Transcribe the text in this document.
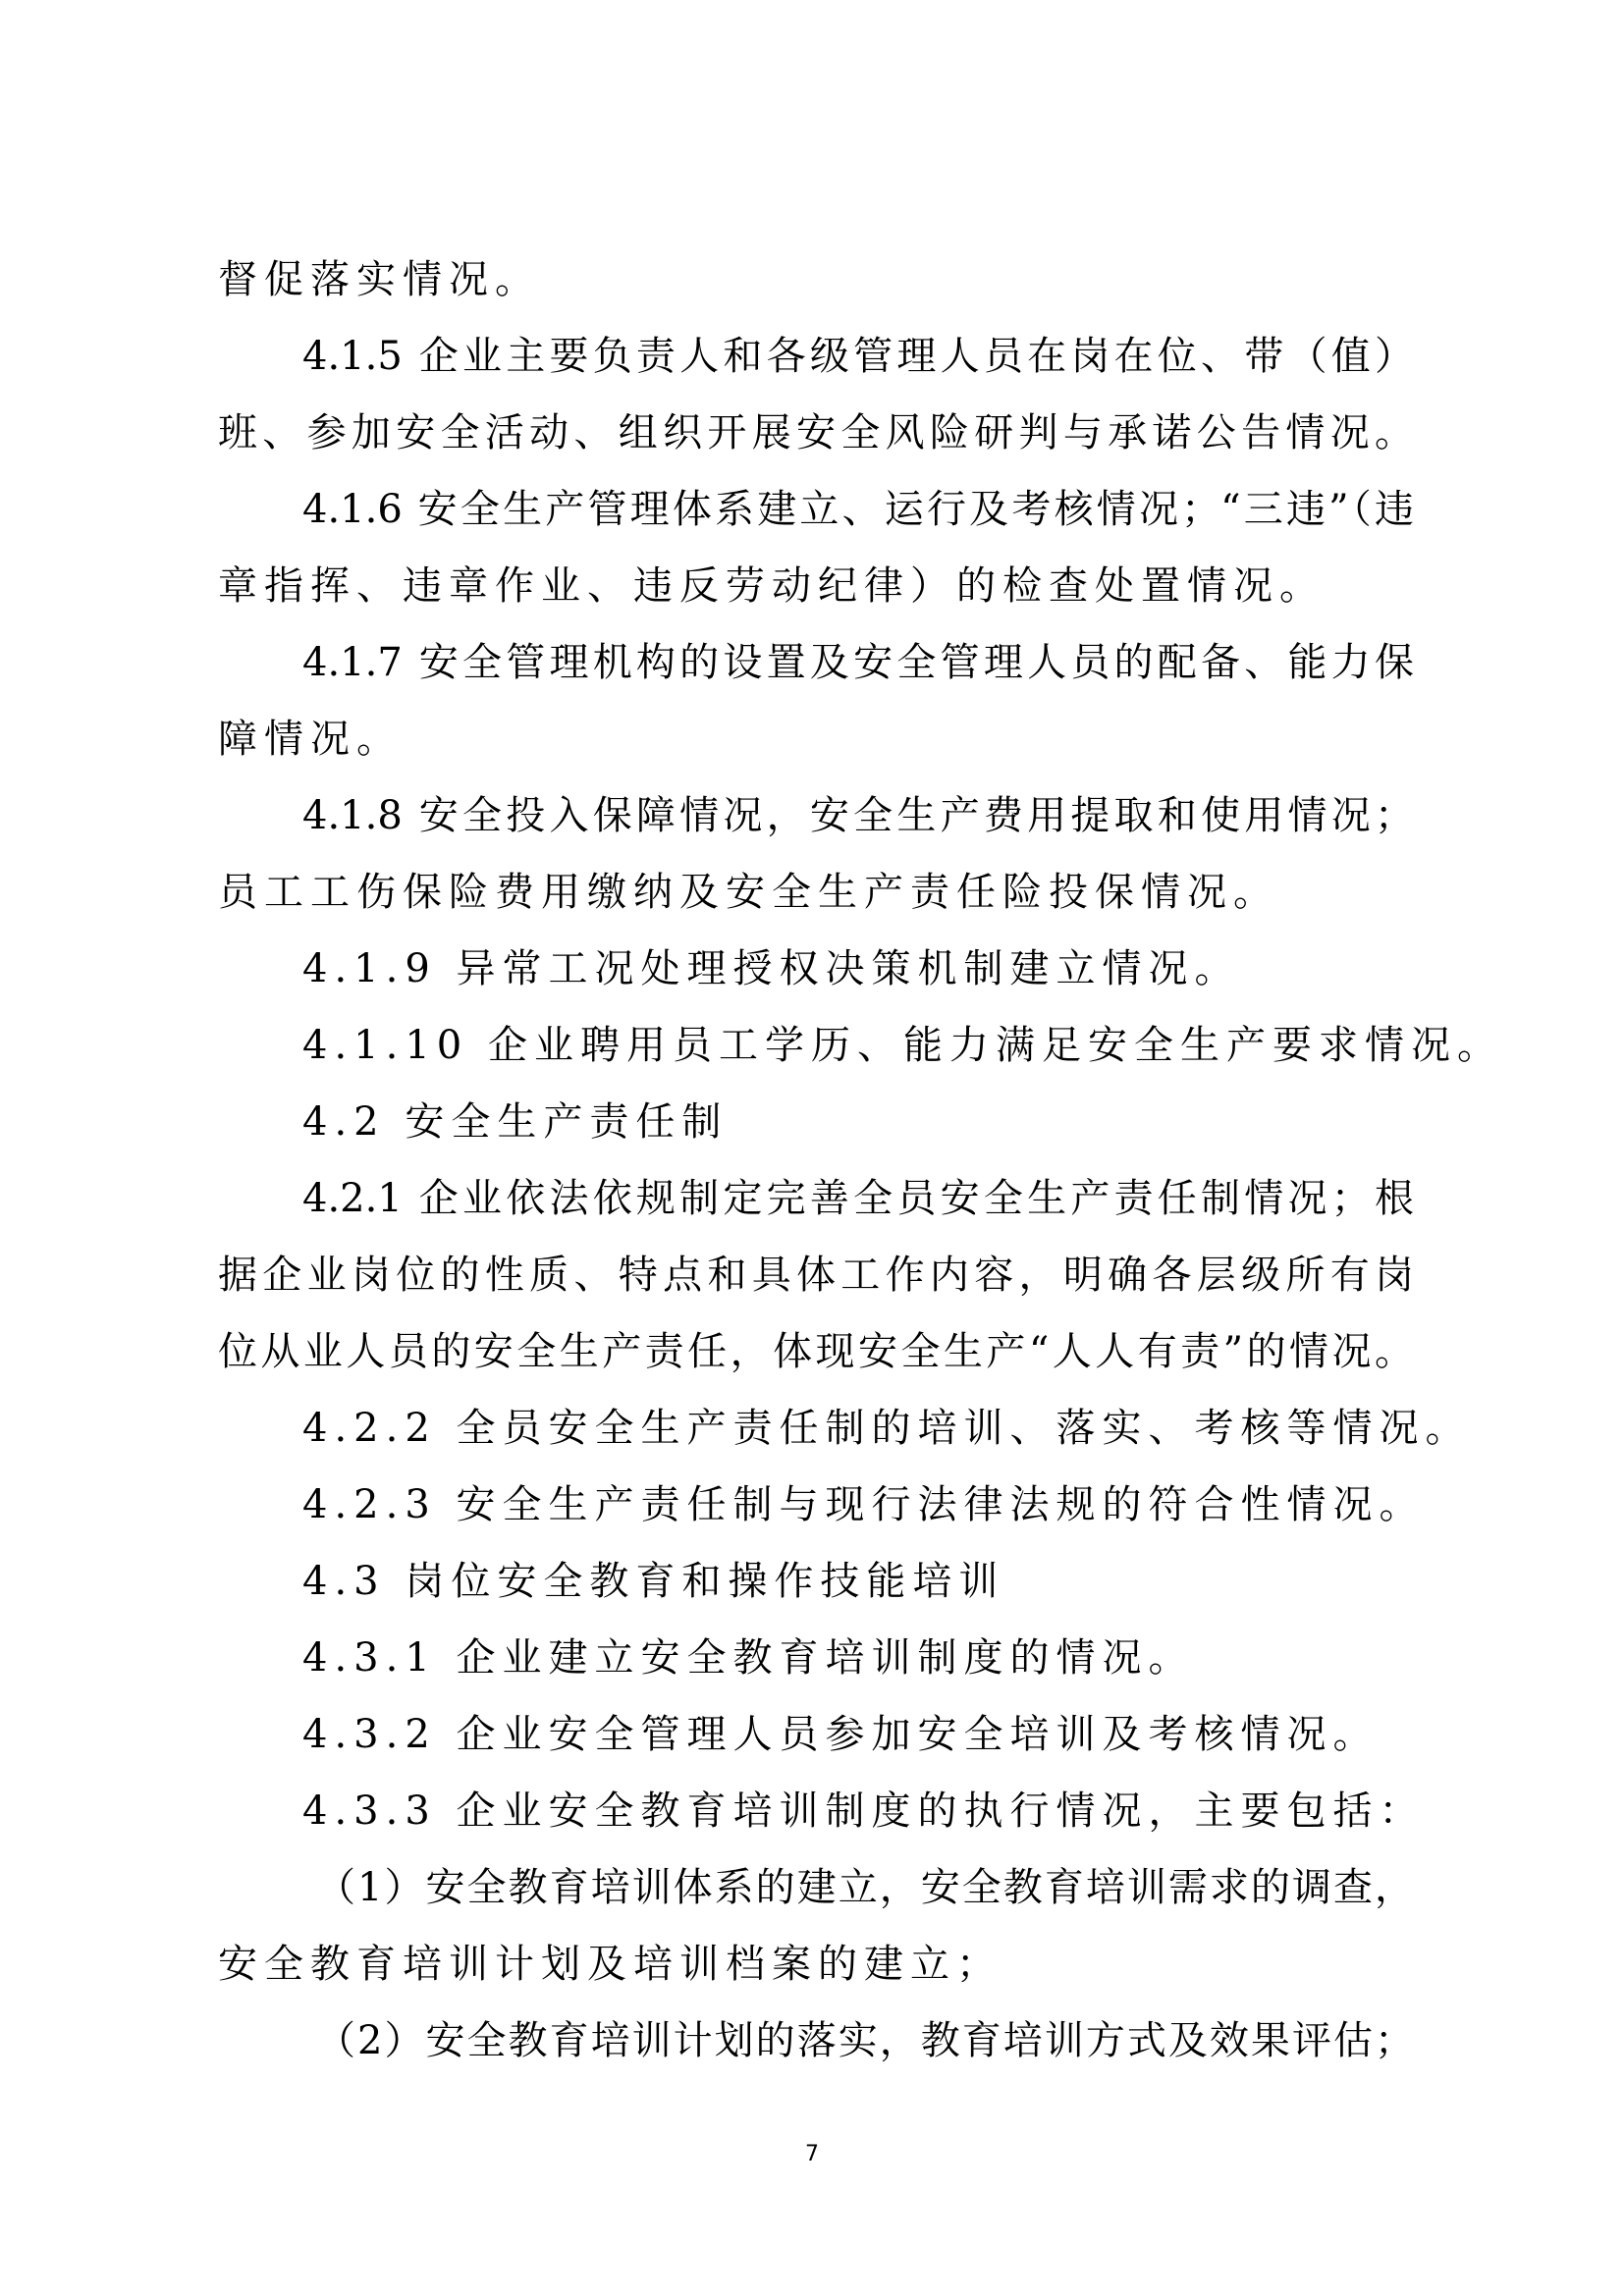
督促落实情况。
4.1.5 企业主要负责人和各级管理人员在岗在位、带（值）
班、参加安全活动、组织开展安全风险研判与承诺公告情况。
4.1.6 安全生产管理体系建立、运行及考核情况；“三违”（违
章指挥、违章作业、违反劳动纪律）的检查处置情况。
4.1.7 安全管理机构的设置及安全管理人员的配备、能力保
障情况。
4.1.8 安全投入保障情况，安全生产费用提取和使用情况；
员工工伤保险费用缴纳及安全生产责任险投保情况。
4.1.9 异常工况处理授权决策机制建立情况。
4.1.10 企业聘用员工学历、能力满足安全生产要求情况。
4.2 安全生产责任制
4.2.1 企业依法依规制定完善全员安全生产责任制情况；根
据企业岗位的性质、特点和具体工作内容，明确各层级所有岗
位从业人员的安全生产责任，体现安全生产“人人有责”的情况。
4.2.2 全员安全生产责任制的培训、落实、考核等情况。
4.2.3 安全生产责任制与现行法律法规的符合性情况。
4.3 岗位安全教育和操作技能培训
4.3.1 企业建立安全教育培训制度的情况。
4.3.2 企业安全管理人员参加安全培训及考核情况。
4.3.3 企业安全教育培训制度的执行情况，主要包括：
（1）安全教育培训体系的建立，安全教育培训需求的调查，
安全教育培训计划及培训档案的建立；
（2）安全教育培训计划的落实，教育培训方式及效果评估；
7
